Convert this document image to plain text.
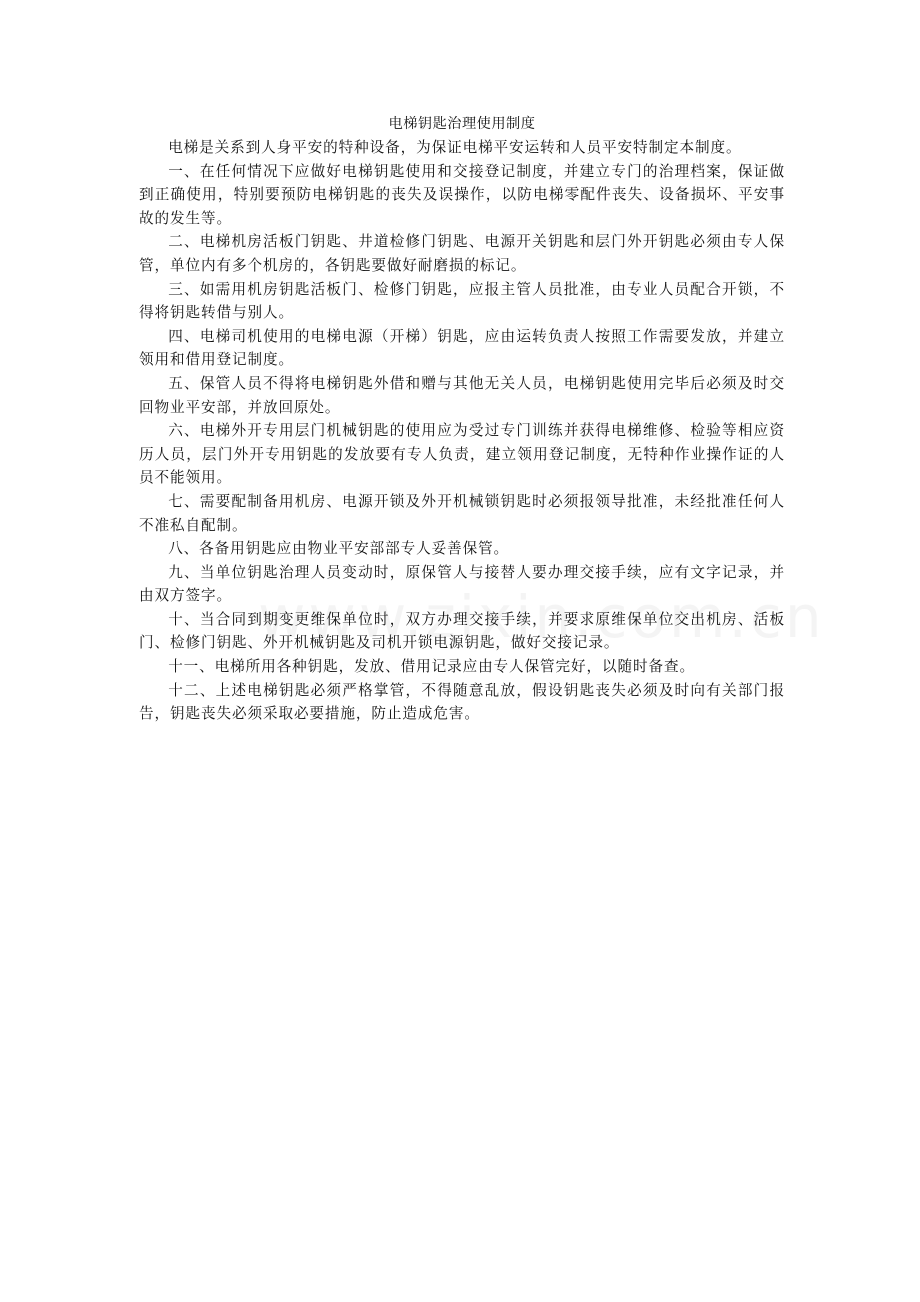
电梯钥匙治理使用制度

电梯是关系到人身平安的特种设备，为保证电梯平安运转和人员平安特制定本制度。

一、在任何情况下应做好电梯钥匙使用和交接登记制度，并建立专门的治理档案，保证做到正确使用，特别要预防电梯钥匙的丧失及误操作，以防电梯零配件丧失、设备损坏、平安事故的发生等。

二、电梯机房活板门钥匙、井道检修门钥匙、电源开关钥匙和层门外开钥匙必须由专人保管，单位内有多个机房的，各钥匙要做好耐磨损的标记。

三、如需用机房钥匙活板门、检修门钥匙，应报主管人员批准，由专业人员配合开锁，不得将钥匙转借与别人。

四、电梯司机使用的电梯电源（开梯）钥匙，应由运转负责人按照工作需要发放，并建立领用和借用登记制度。

五、保管人员不得将电梯钥匙外借和赠与其他无关人员，电梯钥匙使用完毕后必须及时交回物业平安部，并放回原处。

六、电梯外开专用层门机械钥匙的使用应为受过专门训练并获得电梯维修、检验等相应资历人员，层门外开专用钥匙的发放要有专人负责，建立领用登记制度，无特种作业操作证的人员不能领用。

七、需要配制备用机房、电源开锁及外开机械锁钥匙时必须报领导批准，未经批准任何人不准私自配制。

八、各备用钥匙应由物业平安部部专人妥善保管。

九、当单位钥匙治理人员变动时，原保管人与接替人要办理交接手续，应有文字记录，并由双方签字。

十、当合同到期变更维保单位时，双方办理交接手续，并要求原维保单位交出机房、活板门、检修门钥匙、外开机械钥匙及司机开锁电源钥匙，做好交接记录。

十一、电梯所用各种钥匙，发放、借用记录应由专人保管完好，以随时备查。

十二、上述电梯钥匙必须严格掌管，不得随意乱放，假设钥匙丧失必须及时向有关部门报告，钥匙丧失必须采取必要措施，防止造成危害。
